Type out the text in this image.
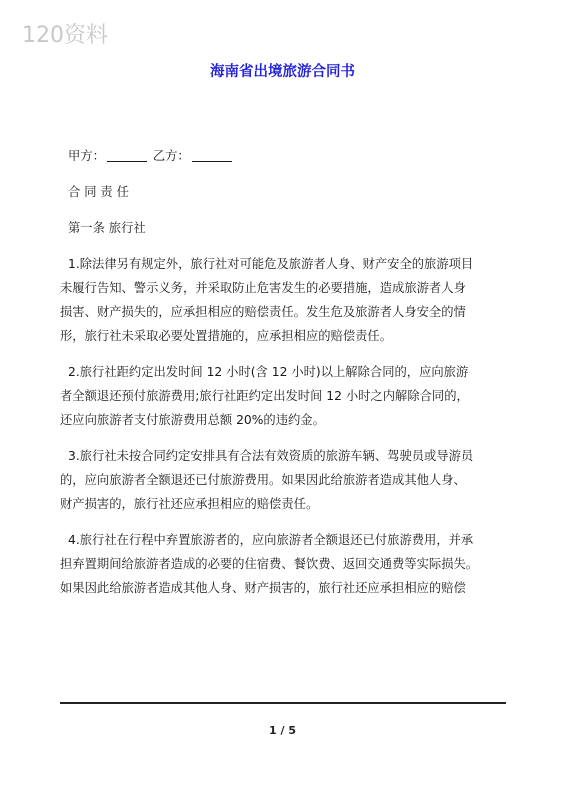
120资料
海南省出境旅游合同书
甲方：	乙方：
合 同 责 任
第一条 旅行社
1.除法律另有规定外，旅行社对可能危及旅游者人身、财产安全的旅游项目
未履行告知、警示义务，并采取防止危害发生的必要措施，造成旅游者人身
损害、财产损失的，应承担相应的赔偿责任。发生危及旅游者人身安全的情
形，旅行社未采取必要处置措施的，应承担相应的赔偿责任。
2.旅行社距约定出发时间 12 小时(含 12 小时)以上解除合同的，应向旅游
者全额退还预付旅游费用;旅行社距约定出发时间 12 小时之内解除合同的，
还应向旅游者支付旅游费用总额 20%的违约金。
3.旅行社未按合同约定安排具有合法有效资质的旅游车辆、驾驶员或导游员
的，应向旅游者全额退还已付旅游费用。如果因此给旅游者造成其他人身、
财产损害的，旅行社还应承担相应的赔偿责任。
4.旅行社在行程中弃置旅游者的，应向旅游者全额退还已付旅游费用，并承
担弃置期间给旅游者造成的必要的住宿费、餐饮费、返回交通费等实际损失。
如果因此给旅游者造成其他人身、财产损害的，旅行社还应承担相应的赔偿
1 / 5
